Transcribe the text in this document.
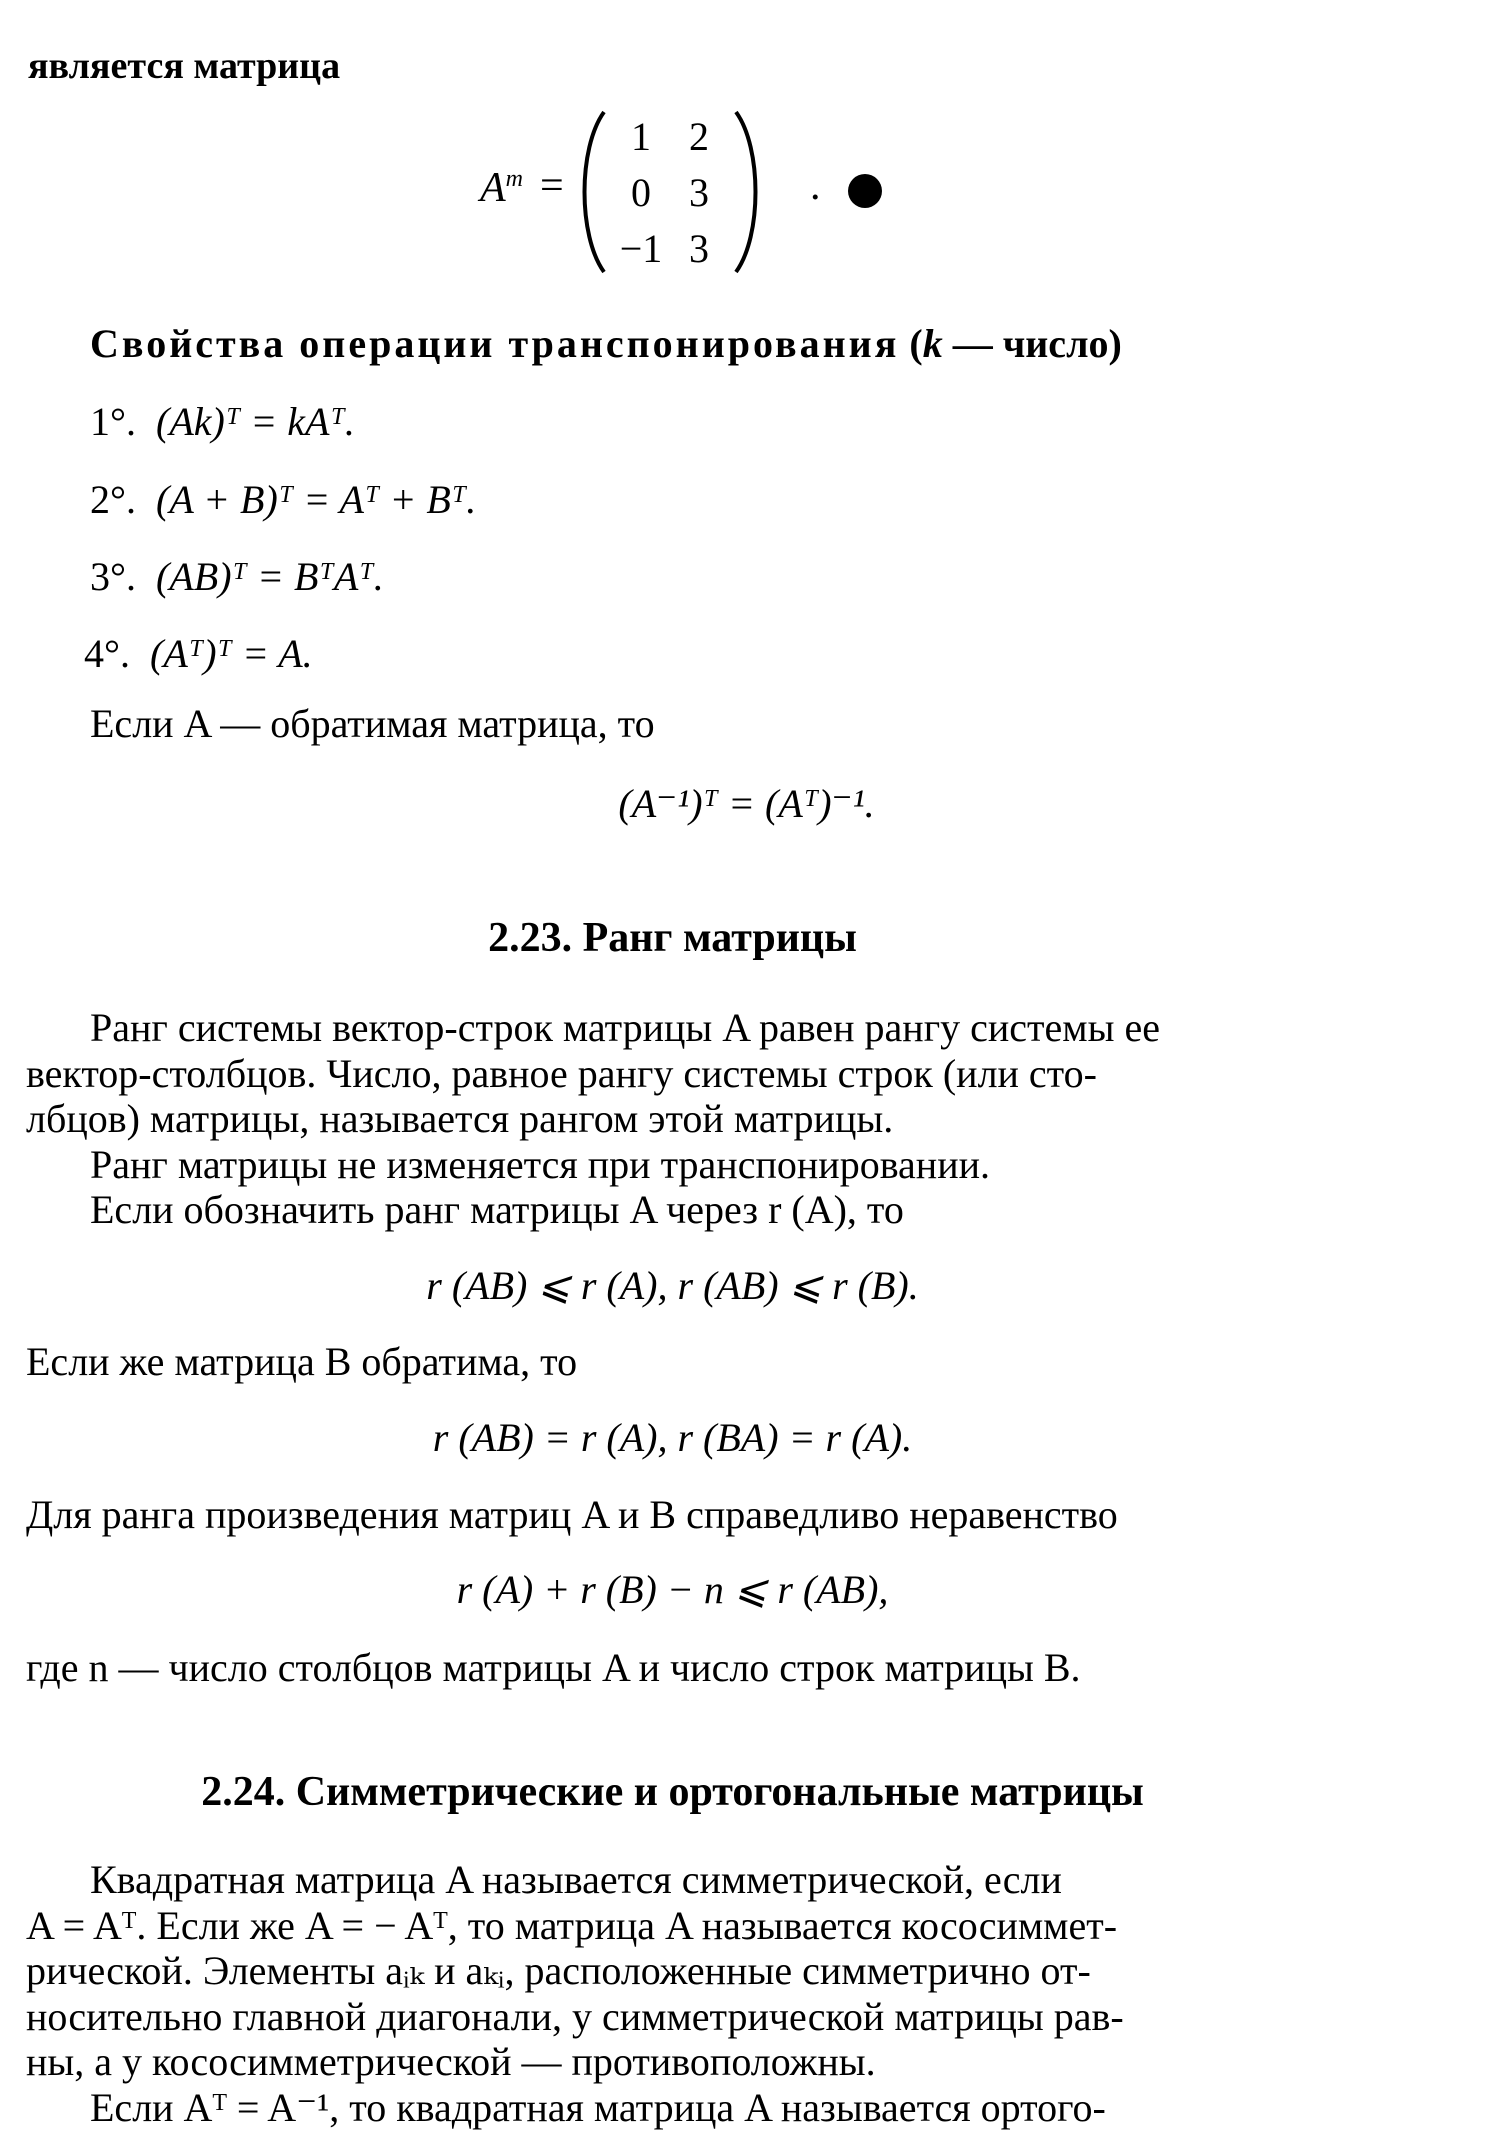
является матрица
$A^т$ =
1 2
0 3
−1 3
.
Свойства операции транспонирования (k — число)
1°. (Ak)ᵀ = kAᵀ.
2°. (A + B)ᵀ = Aᵀ + Bᵀ.
3°. (AB)ᵀ = BᵀAᵀ.
4°. (Aᵀ)ᵀ = A.
Если A — обратимая матрица, то
(A⁻¹)ᵀ = (Aᵀ)⁻¹.
2.23. Ранг матрицы
Ранг системы вектор-строк матрицы A равен рангу системы ее
вектор-столбцов. Число, равное рангу системы строк (или сто-
лбцов) матрицы, называется рангом этой матрицы.
Ранг матрицы не изменяется при транспонировании.
Если обозначить ранг матрицы A через r (A), то
r (AB) ⩽ r (A), r (AB) ⩽ r (B).
Если же матрица B обратима, то
r (AB) = r (A), r (BA) = r (A).
Для ранга произведения матриц A и B справедливо неравенство
r (A) + r (B) − n ⩽ r (AB),
где n — число столбцов матрицы A и число строк матрицы B.
2.24. Симметрические и ортогональные матрицы
Квадратная матрица A называется симметрической, если
A = Aᵀ. Если же A = − Aᵀ, то матрица A называется кососиммет-
рической. Элементы aᵢₖ и aₖᵢ, расположенные симметрично от-
носительно главной диагонали, у симметрической матрицы рав-
ны, а у кососимметрической — противоположны.
Если Aᵀ = A⁻¹, то квадратная матрица A называется ортого-
